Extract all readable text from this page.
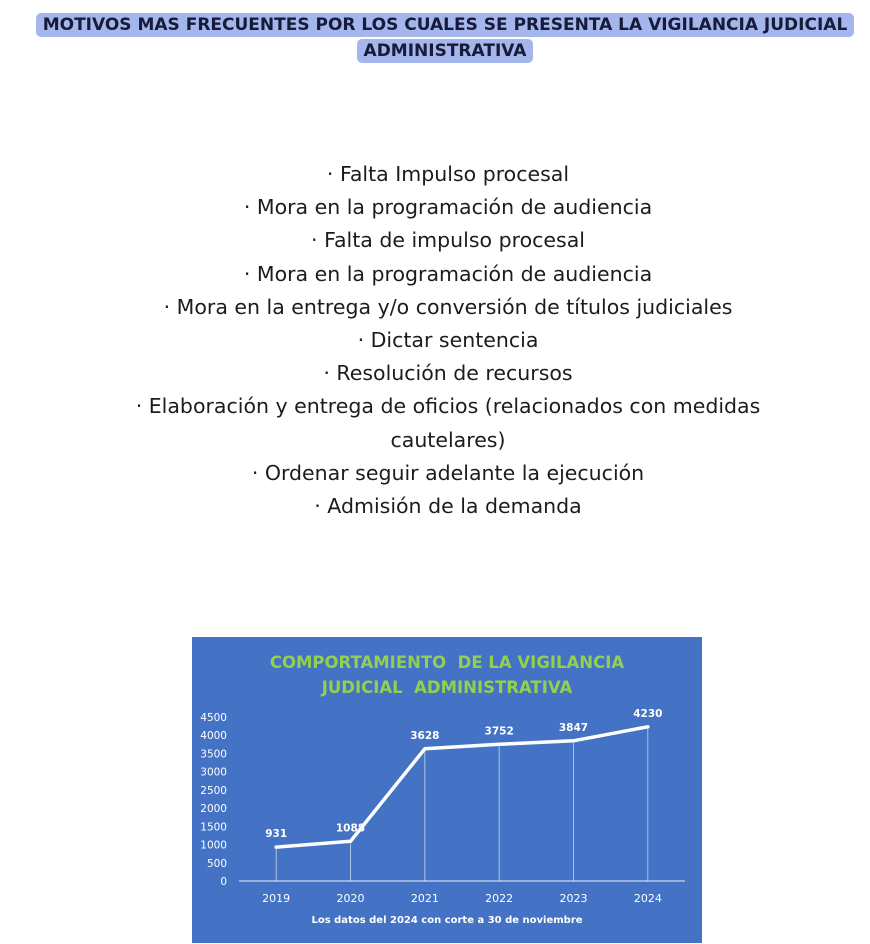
MOTIVOS MAS FRECUENTES POR LOS CUALES SE PRESENTA LA VIGILANCIA JUDICIAL ADMINISTRATIVA
· Falta Impulso procesal
· Mora en la programación de audiencia
· Falta de impulso procesal
· Mora en la programación de audiencia
· Mora en la entrega y/o conversión de títulos judiciales
· Dictar sentencia
· Resolución de recursos
· Elaboración y entrega de oficios (relacionados con medidas cautelares)
· Ordenar seguir adelante la ejecución
· Admisión de la demanda
COMPORTAMIENTO  DE LA VIGILANCIA
JUDICIAL  ADMINISTRATIVA
0
500
1000
1500
2000
2500
3000
3500
4000
4500
931	1088
3628	3752	3847
4230
2019	2020	2021	2022	2023	2024
Los datos del 2024 con corte a 30 de noviembre
